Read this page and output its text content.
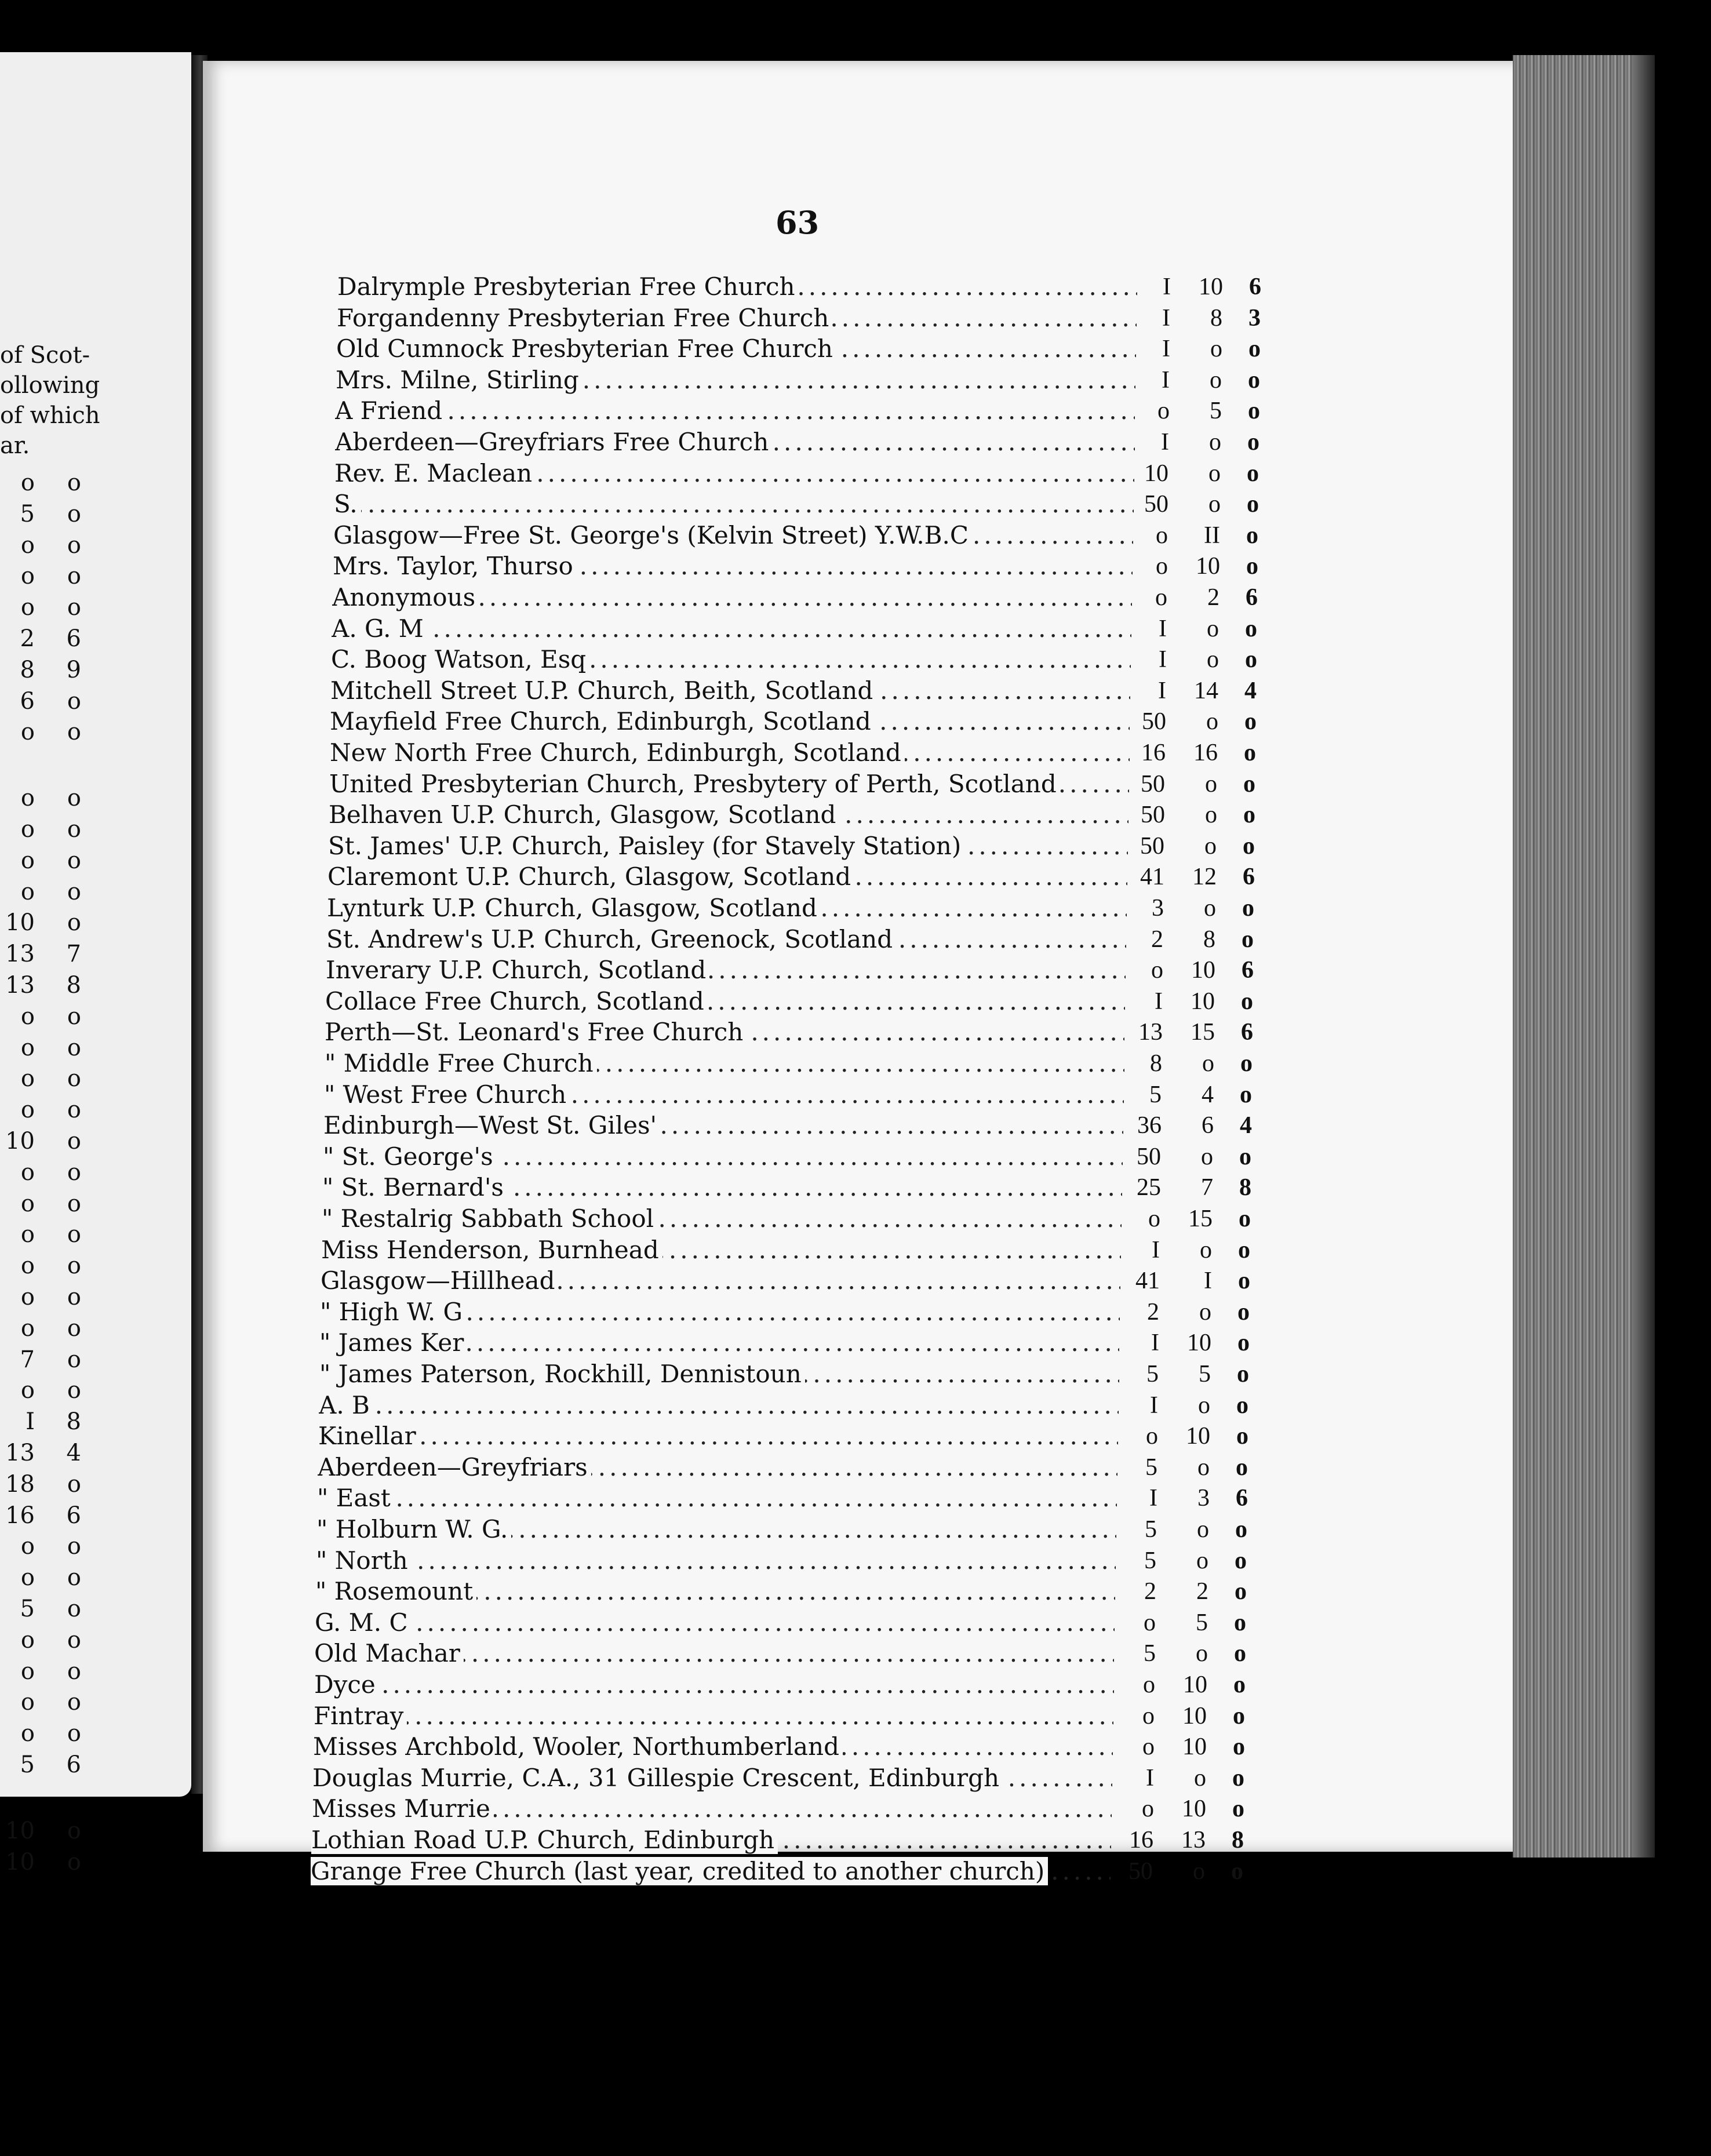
of Scot-
ollowing
of which
ar.
o	o
5	o
o	o
o	o
o	o
2	6
8	9
6	o
o	o
o	o
o	o
o	o
o	o
10	o
13	7
13	8
o	o
o	o
o	o
o	o
10	o
o	o
o	o
o	o
o	o
o	o
o	o
7	o
o	o
I	8
13	4
18	o
16	6
o	o
o	o
5	o
o	o
o	o
o	o
o	o
5	6
10	o
10	o
63
Dalrymple Presbyterian Free Church .....	I	10	6
Forgandenny Presbyterian Free Church .....	I	8	3
Old Cumnock Presbyterian Free Church .....	I	o	o
Mrs. Milne, Stirling .....	I	o	o
A Friend .....	o	5	o
Aberdeen—Greyfriars Free Church .....	I	o	o
Rev. E. Maclean .....	10	o	o
S. .....	50	o	o
Glasgow—Free St. George's (Kelvin Street) Y.W.B.C .....	o	II	o
Mrs. Taylor, Thurso .....	o	10	o
Anonymous .....	o	2	6
A. G. M .....	I	o	o
C. Boog Watson, Esq .....	I	o	o
Mitchell Street U.P. Church, Beith, Scotland .....	I	14	4
Mayfield Free Church, Edinburgh, Scotland .....	50	o	o
New North Free Church, Edinburgh, Scotland .....	16	16	o
United Presbyterian Church, Presbytery of Perth, Scotland .....	50	o	o
Belhaven U.P. Church, Glasgow, Scotland .....	50	o	o
St. James' U.P. Church, Paisley (for Stavely Station) .....	50	o	o
Claremont U.P. Church, Glasgow, Scotland .....	41	12	6
Lynturk U.P. Church, Glasgow, Scotland .....	3	o	o
St. Andrew's U.P. Church, Greenock, Scotland .....	2	8	o
Inverary U.P. Church, Scotland .....	o	10	6
Collace Free Church, Scotland .....	I	10	o
Perth—St. Leonard's Free Church .....	13	15	6
" Middle Free Church .....	8	o	o
" West Free Church .....	5	4	o
Edinburgh—West St. Giles' .....	36	6	4
" St. George's .....	50	o	o
" St. Bernard's .....	25	7	8
" Restalrig Sabbath School .....	o	15	o
Miss Henderson, Burnhead .....	I	o	o
Glasgow—Hillhead .....	41	I	o
" High W. G .....	2	o	o
" James Ker .....	I	10	o
" James Paterson, Rockhill, Dennistoun .....	5	5	o
A. B .....	I	o	o
Kinellar .....	o	10	o
Aberdeen—Greyfriars .....	5	o	o
" East .....	I	3	6
" Holburn W. G. .....	5	o	o
" North .....	5	o	o
" Rosemount .....	2	2	o
G. M. C .....	o	5	o
Old Machar .....	5	o	o
Dyce .....	o	10	o
Fintray .....	o	10	o
Misses Archbold, Wooler, Northumberland .....	o	10	o
Douglas Murrie, C.A., 31 Gillespie Crescent, Edinburgh .....	I	o	o
Misses Murrie .....	o	10	o
Lothian Road U.P. Church, Edinburgh .....	16	13	8
Grange Free Church (last year, credited to another church) .....	50	o	o
